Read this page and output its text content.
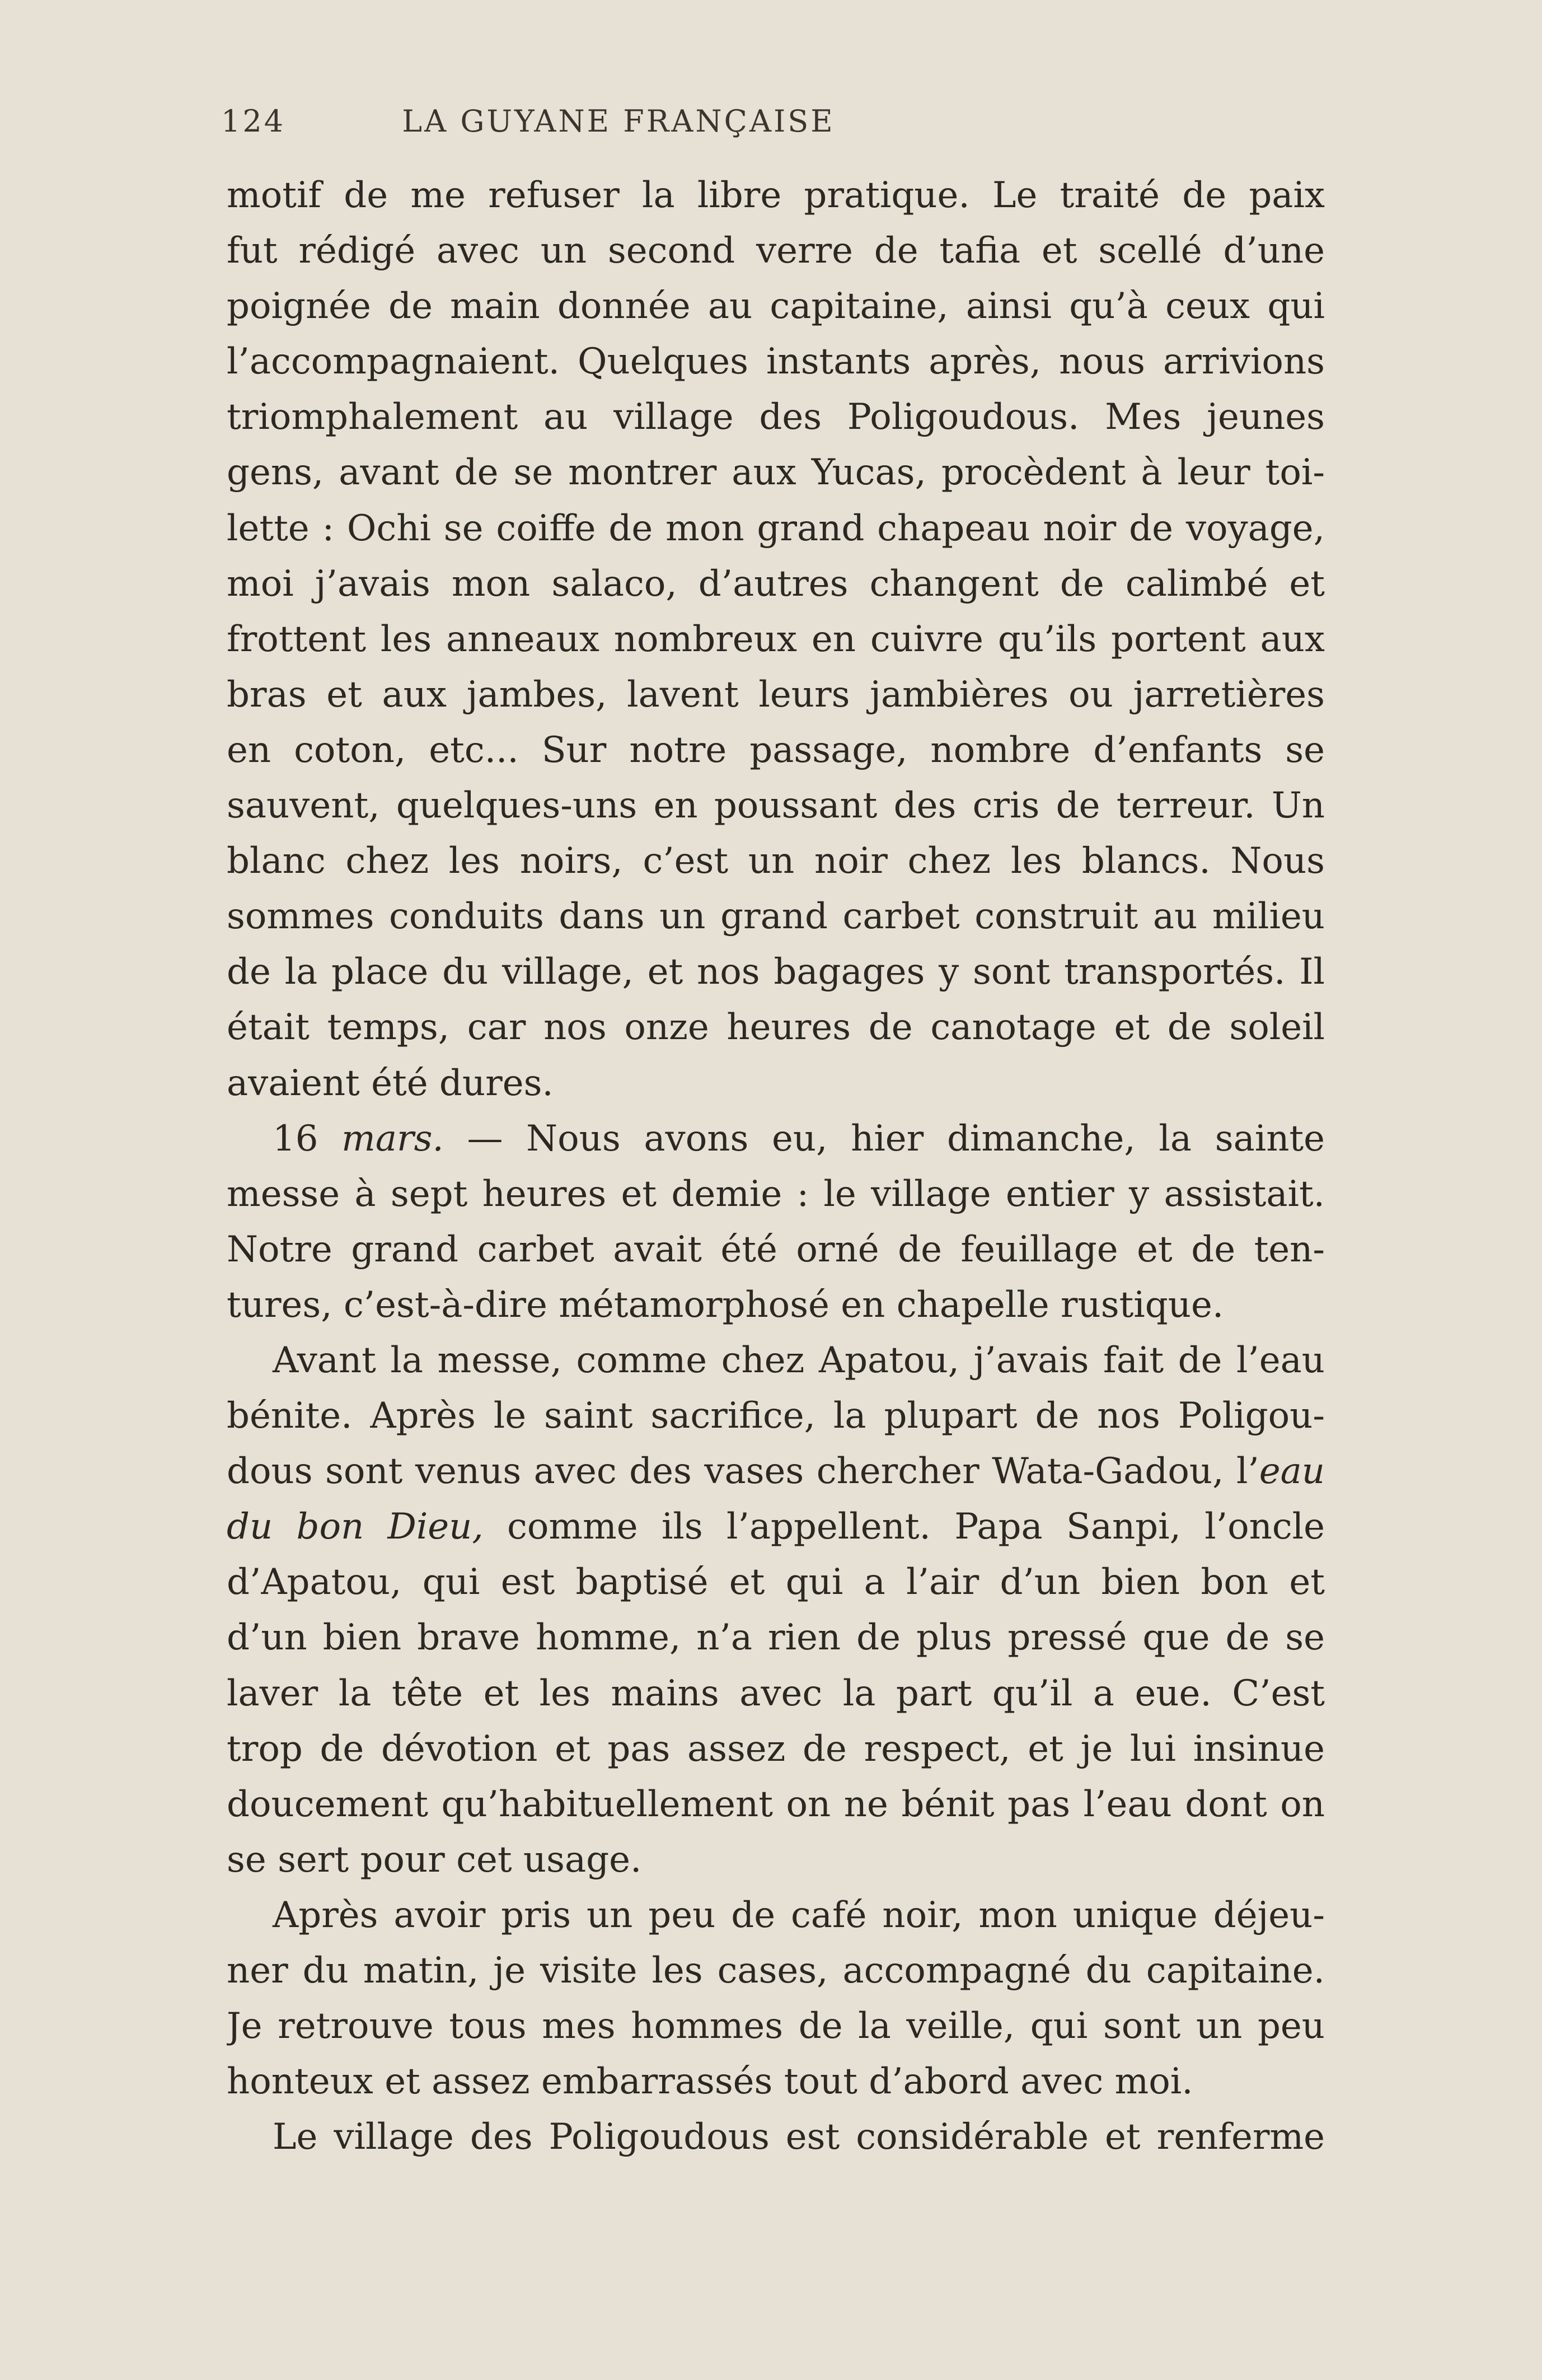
124	LA GUYANE FRANÇAISE
motif de me refuser la libre pratique. Le traité de paix
fut rédigé avec un second verre de tafia et scellé d’une
poignée de main donnée au capitaine, ainsi qu’à ceux qui
l’accompagnaient. Quelques instants après, nous arrivions
triomphalement au village des Poligoudous. Mes jeunes
gens, avant de se montrer aux Yucas, procèdent à leur toi-
lette : Ochi se coiffe de mon grand chapeau noir de voyage,
moi j’avais mon salaco, d’autres changent de calimbé et
frottent les anneaux nombreux en cuivre qu’ils portent aux
bras et aux jambes, lavent leurs jambières ou jarretières
en coton, etc... Sur notre passage, nombre d’enfants se
sauvent, quelques-uns en poussant des cris de terreur. Un
blanc chez les noirs, c’est un noir chez les blancs. Nous
sommes conduits dans un grand carbet construit au milieu
de la place du village, et nos bagages y sont transportés. Il
était temps, car nos onze heures de canotage et de soleil
avaient été dures.
16 mars. — Nous avons eu, hier dimanche, la sainte
messe à sept heures et demie : le village entier y assistait.
Notre grand carbet avait été orné de feuillage et de ten-
tures, c’est-à-dire métamorphosé en chapelle rustique.
Avant la messe, comme chez Apatou, j’avais fait de l’eau
bénite. Après le saint sacrifice, la plupart de nos Poligou-
dous sont venus avec des vases chercher Wata-Gadou, l’eau
du bon Dieu, comme ils l’appellent. Papa Sanpi, l’oncle
d’Apatou, qui est baptisé et qui a l’air d’un bien bon et
d’un bien brave homme, n’a rien de plus pressé que de se
laver la tête et les mains avec la part qu’il a eue. C’est
trop de dévotion et pas assez de respect, et je lui insinue
doucement qu’habituellement on ne bénit pas l’eau dont on
se sert pour cet usage.
Après avoir pris un peu de café noir, mon unique déjeu-
ner du matin, je visite les cases, accompagné du capitaine.
Je retrouve tous mes hommes de la veille, qui sont un peu
honteux et assez embarrassés tout d’abord avec moi.
Le village des Poligoudous est considérable et renferme
